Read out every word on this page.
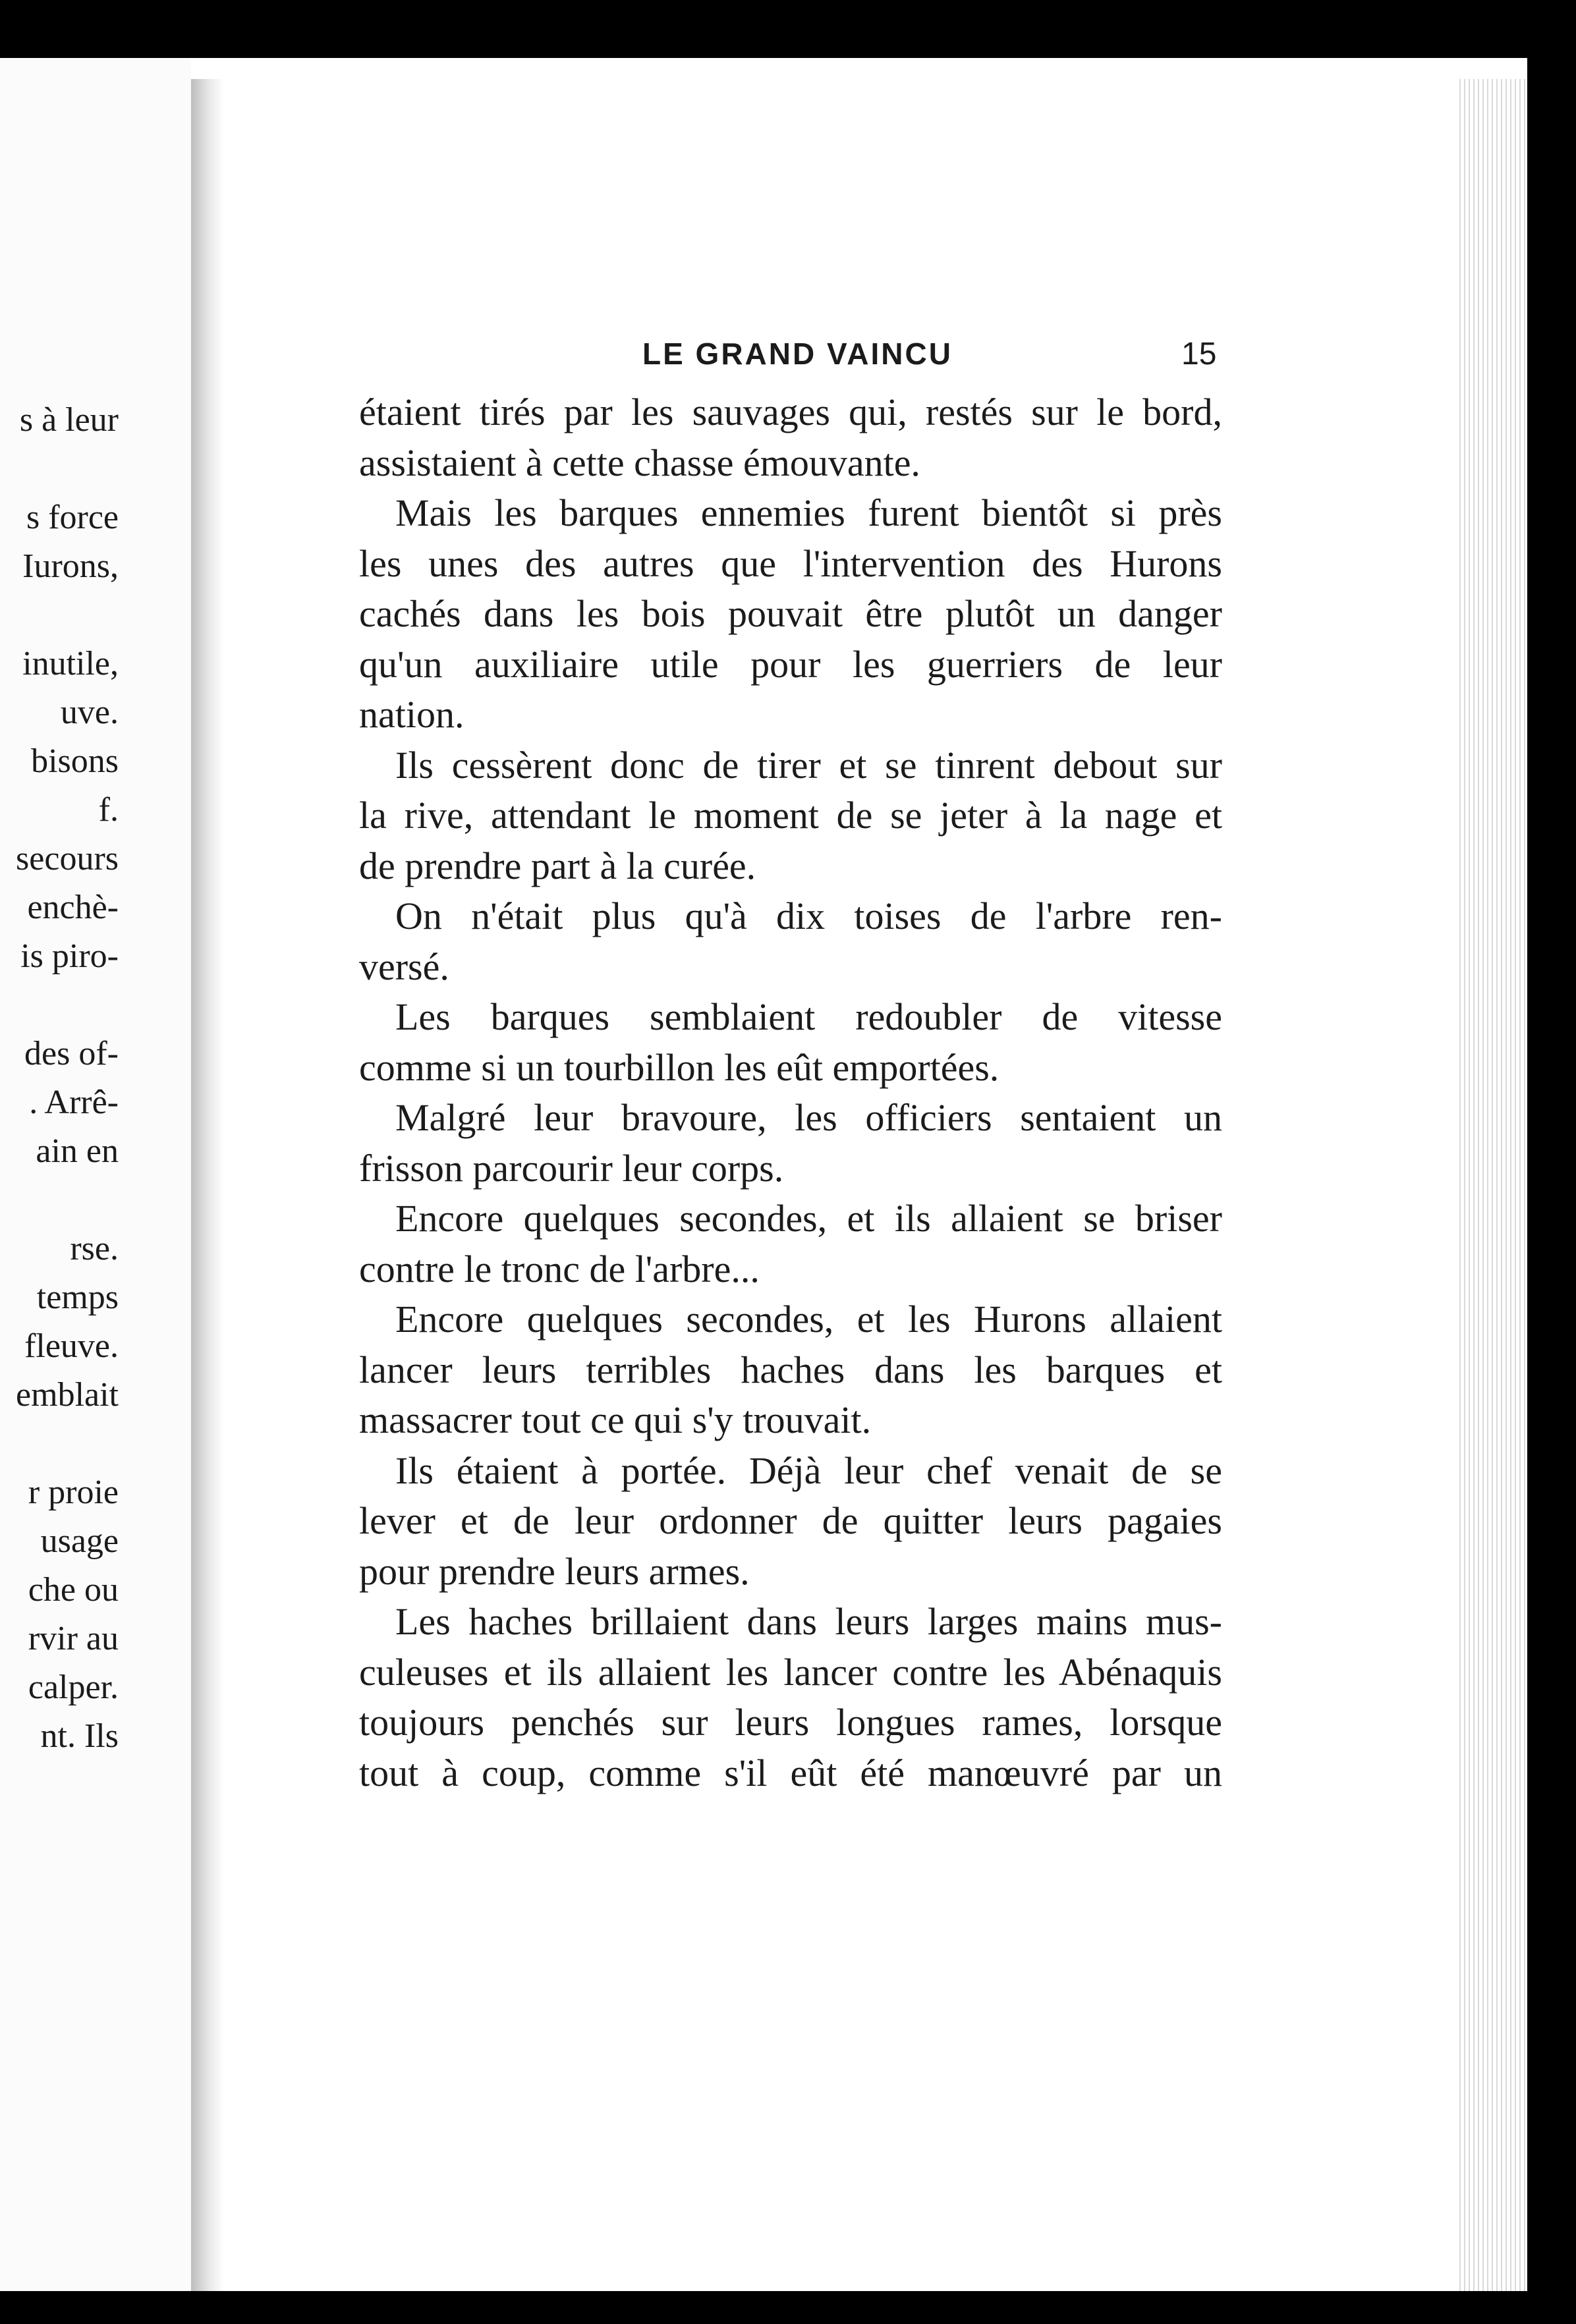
s à leur
s force
Iurons,
inutile,
uve.
bisons
f.
secours
enchè-
is piro-
des of-
. Arrê-
ain en
rse.
temps
fleuve.
emblait
r proie
usage
che ou
rvir au
calper.
nt. Ils
LE GRAND VAINCU	15
étaient tirés par les sauvages qui, restés sur le bord,
assistaient à cette chasse émouvante.
Mais les barques ennemies furent bientôt si près
les unes des autres que l'intervention des Hurons
cachés dans les bois pouvait être plutôt un danger
qu'un auxiliaire utile pour les guerriers de leur
nation.
Ils cessèrent donc de tirer et se tinrent debout sur
la rive, attendant le moment de se jeter à la nage et
de prendre part à la curée.
On n'était plus qu'à dix toises de l'arbre ren-
versé.
Les barques semblaient redoubler de vitesse
comme si un tourbillon les eût emportées.
Malgré leur bravoure, les officiers sentaient un
frisson parcourir leur corps.
Encore quelques secondes, et ils allaient se briser
contre le tronc de l'arbre...
Encore quelques secondes, et les Hurons allaient
lancer leurs terribles haches dans les barques et
massacrer tout ce qui s'y trouvait.
Ils étaient à portée. Déjà leur chef venait de se
lever et de leur ordonner de quitter leurs pagaies
pour prendre leurs armes.
Les haches brillaient dans leurs larges mains mus-
culeuses et ils allaient les lancer contre les Abénaquis
toujours penchés sur leurs longues rames, lorsque
tout à coup, comme s'il eût été manœuvré par un
